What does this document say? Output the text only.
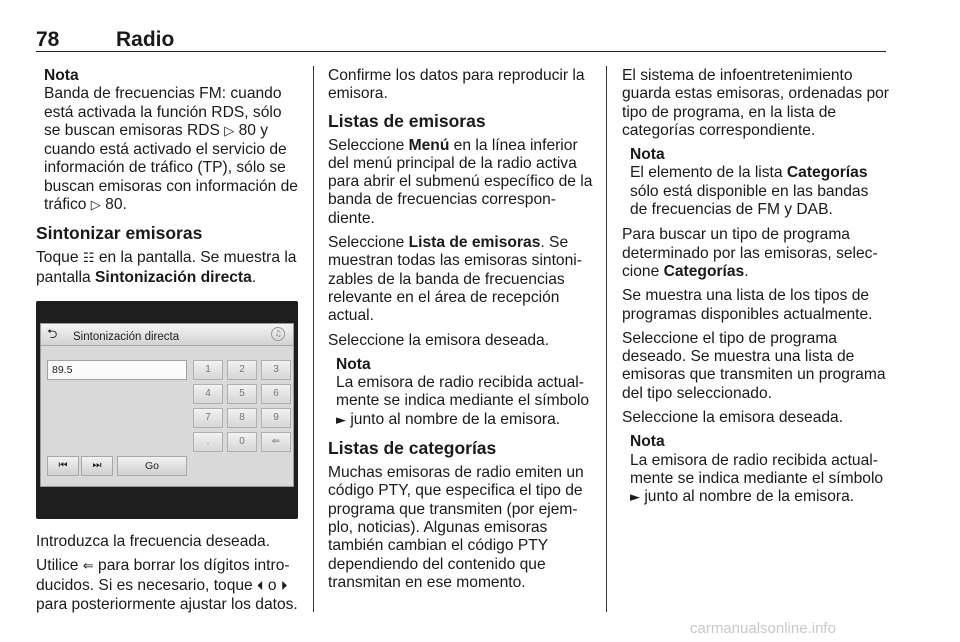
78	Radio
Nota
Banda de frecuencias FM: cuando está activada la función RDS, sólo se buscan emisoras RDS ▷ 80 y cuando está activado el servicio de información de tráfico (TP), sólo se buscan emisoras con información de tráfico ▷ 80.
Sintonizar emisoras

Toque ☷ en la pantalla. Se muestra la pantalla Sintonización directa.

⮌	Sintonización directa	♫
89.5	1	2	3
4	5	6
7	8	9
.	0	⇐
⏮	⏭	Go

Introduzca la frecuencia deseada.

Utilice ⇐ para borrar los dígitos introducidos. Si es necesario, toque ⏴ o ⏵ para posteriormente ajustar los datos.

Confirme los datos para reproducir la emisora.

Listas de emisoras

Seleccione Menú en la línea inferior del menú principal de la radio activa para abrir el submenú específico de la banda de frecuencias correspondiente.

Seleccione Lista de emisoras. Se muestran todas las emisoras sintonizables de la banda de frecuencias relevante en el área de recepción actual.

Seleccione la emisora deseada.

Nota
La emisora de radio recibida actualmente se indica mediante el símbolo ► junto al nombre de la emisora.
Listas de categorías

Muchas emisoras de radio emiten un código PTY, que especifica el tipo de programa que transmiten (por ejemplo, noticias). Algunas emisoras también cambian el código PTY dependiendo del contenido que transmitan en ese momento.

El sistema de infoentretenimiento guarda estas emisoras, ordenadas por tipo de programa, en la lista de categorías correspondiente.

Nota
El elemento de la lista Categorías sólo está disponible en las bandas de frecuencias de FM y DAB.

Para buscar un tipo de programa determinado por las emisoras, seleccione Categorías.

Se muestra una lista de los tipos de programas disponibles actualmente.

Seleccione el tipo de programa deseado. Se muestra una lista de emisoras que transmiten un programa del tipo seleccionado.

Seleccione la emisora deseada.

Nota
La emisora de radio recibida actualmente se indica mediante el símbolo ► junto al nombre de la emisora.
carmanualsonline.info
